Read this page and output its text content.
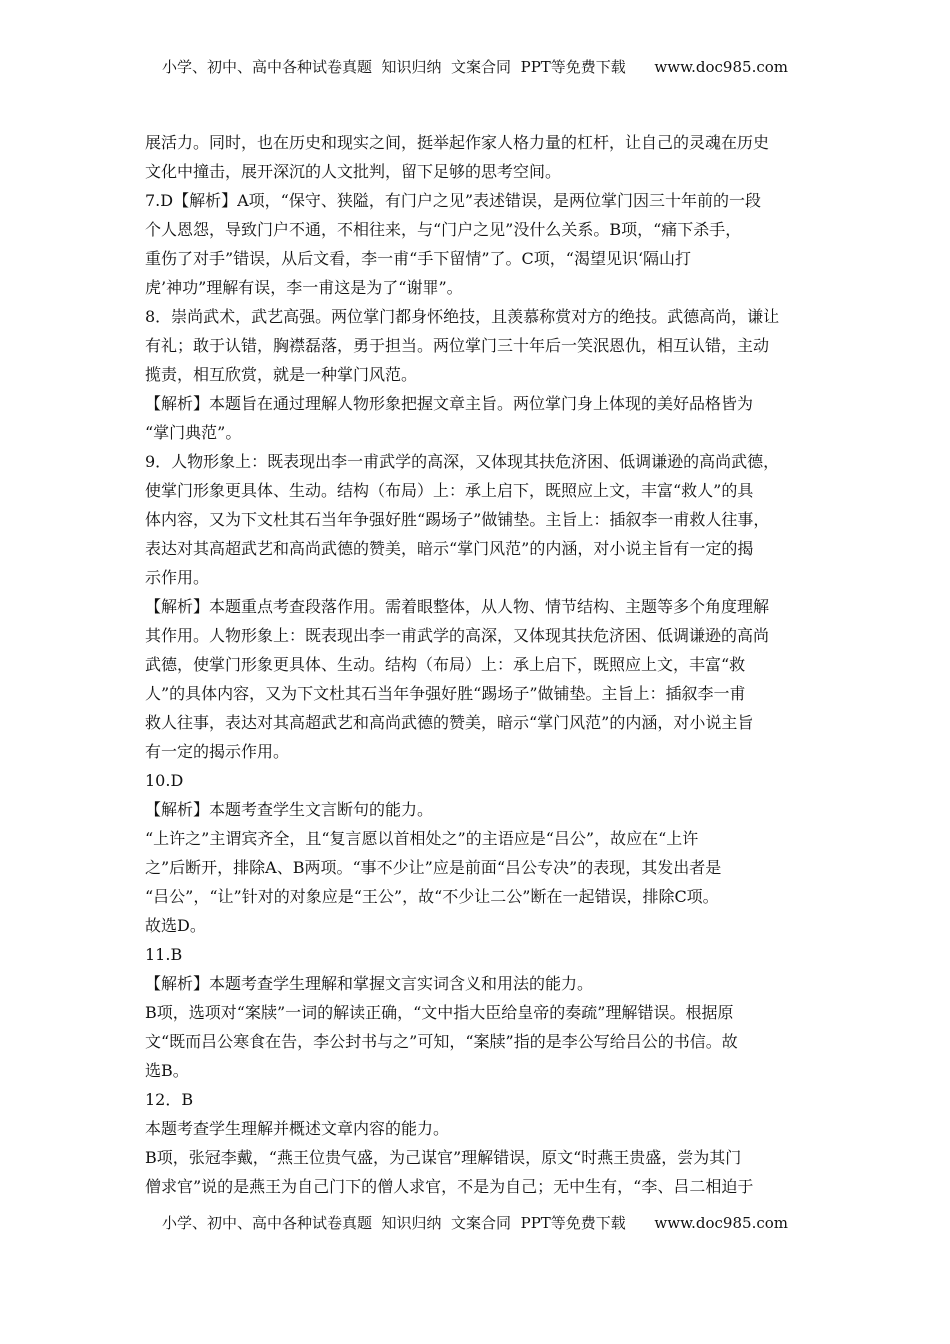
小学、初中、高中各种试卷真题  知识归纳  文案合同  PPT等免费下载      www.doc985.com
展活力。同时，也在历史和现实之间，挺举起作家人格力量的杠杆，让自己的灵魂在历史
文化中撞击，展开深沉的人文批判，留下足够的思考空间。
7.D【解析】A项，“保守、狭隘，有门户之见”表述错误，是两位掌门因三十年前的一段
个人恩怨，导致门户不通，不相往来，与“门户之见”没什么关系。B项，“痛下杀手，
重伤了对手”错误，从后文看，李一甫“手下留情”了。C项，“渴望见识‘隔山打
虎’神功”理解有误，李一甫这是为了“谢罪”。
8．崇尚武术，武艺高强。两位掌门都身怀绝技，且羡慕称赏对方的绝技。武德高尚，谦让
有礼；敢于认错，胸襟磊落，勇于担当。两位掌门三十年后一笑泯恩仇，相互认错，主动
揽责，相互欣赏，就是一种掌门风范。
【解析】本题旨在通过理解人物形象把握文章主旨。两位掌门身上体现的美好品格皆为
“掌门典范”。
9．人物形象上：既表现出李一甫武学的高深，又体现其扶危济困、低调谦逊的高尚武德，
使掌门形象更具体、生动。结构（布局）上：承上启下，既照应上文，丰富“救人”的具
体内容，又为下文杜其石当年争强好胜“踢场子”做铺垫。主旨上：插叙李一甫救人往事，
表达对其高超武艺和高尚武德的赞美，暗示“掌门风范”的内涵，对小说主旨有一定的揭
示作用。
【解析】本题重点考查段落作用。需着眼整体，从人物、情节结构、主题等多个角度理解
其作用。人物形象上：既表现出李一甫武学的高深，又体现其扶危济困、低调谦逊的高尚
武德，使掌门形象更具体、生动。结构（布局）上：承上启下，既照应上文，丰富“救
人”的具体内容，又为下文杜其石当年争强好胜“踢场子”做铺垫。主旨上：插叙李一甫
救人往事，表达对其高超武艺和高尚武德的赞美，暗示“掌门风范”的内涵，对小说主旨
有一定的揭示作用。
10.D
【解析】本题考查学生文言断句的能力。
“上许之”主谓宾齐全，且“复言愿以首相处之”的主语应是“吕公”，故应在“上许
之”后断开，排除A、B两项。“事不少让”应是前面“吕公专决”的表现，其发出者是
“吕公”，“让”针对的对象应是“王公”，故“不少让二公”断在一起错误，排除C项。
故选D。
11.B
【解析】本题考查学生理解和掌握文言实词含义和用法的能力。
B项，选项对“案牍”一词的解读正确，“文中指大臣给皇帝的奏疏”理解错误。根据原
文“既而吕公寒食在告，李公封书与之”可知，“案牍”指的是李公写给吕公的书信。故
选B。
12．B
本题考查学生理解并概述文章内容的能力。
B项，张冠李戴，“燕王位贵气盛，为己谋官”理解错误，原文“时燕王贵盛，尝为其门
僧求官”说的是燕王为自己门下的僧人求官，不是为自己；无中生有，“李、吕二相迫于
小学、初中、高中各种试卷真题  知识归纳  文案合同  PPT等免费下载      www.doc985.com
